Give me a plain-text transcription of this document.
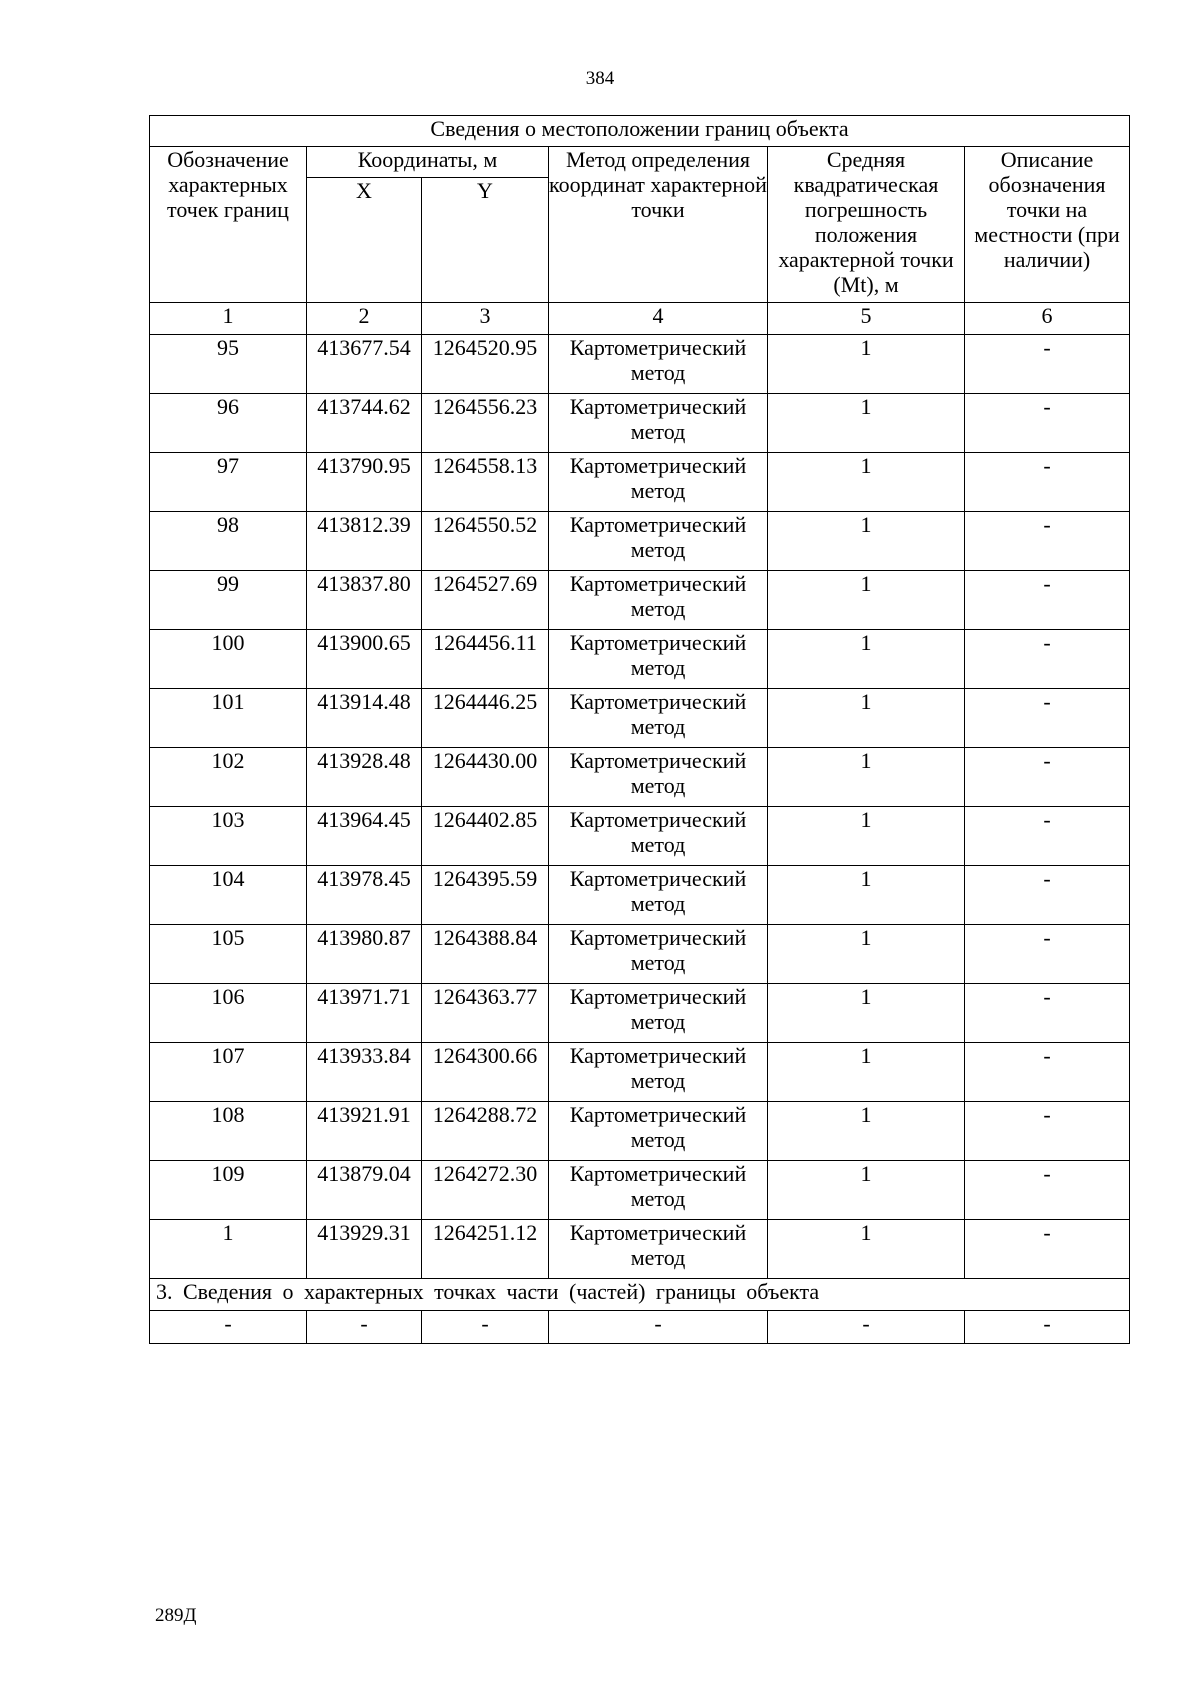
384
Сведения о местоположении границ объекта					
Обозначение характерных точек границ	Координаты, м		Метод определения координат характерной точки	Средняя квадратическая погрешность положения характерной точки (Mt), м	Описание обозначения точки на местности (при наличии)
	X	Y			
1	2	3	4	5	6
95	413677.54	1264520.95	Картометрический метод	1	-
96	413744.62	1264556.23	Картометрический метод	1	-
97	413790.95	1264558.13	Картометрический метод	1	-
98	413812.39	1264550.52	Картометрический метод	1	-
99	413837.80	1264527.69	Картометрический метод	1	-
100	413900.65	1264456.11	Картометрический метод	1	-
101	413914.48	1264446.25	Картометрический метод	1	-
102	413928.48	1264430.00	Картометрический метод	1	-
103	413964.45	1264402.85	Картометрический метод	1	-
104	413978.45	1264395.59	Картометрический метод	1	-
105	413980.87	1264388.84	Картометрический метод	1	-
106	413971.71	1264363.77	Картометрический метод	1	-
107	413933.84	1264300.66	Картометрический метод	1	-
108	413921.91	1264288.72	Картометрический метод	1	-
109	413879.04	1264272.30	Картометрический метод	1	-
1	413929.31	1264251.12	Картометрический метод	1	-
3. Сведения о характерных точках части (частей) границы объекта					
-	-	-	-	-	-
289Д
